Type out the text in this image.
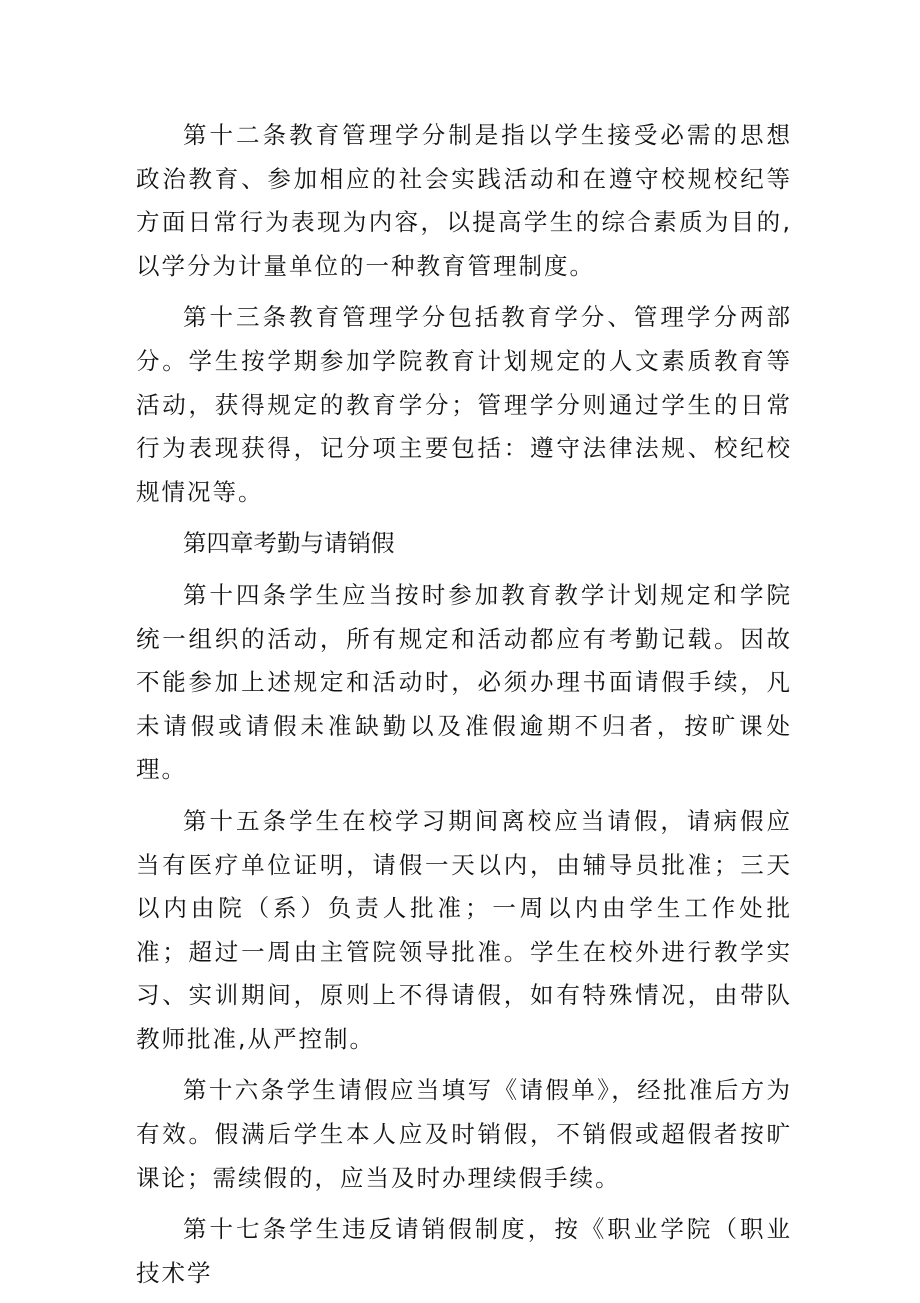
第十二条教育管理学分制是指以学生接受必需的思想政治教育、参加相应的社会实践活动和在遵守校规校纪等方面日常行为表现为内容，以提高学生的综合素质为目的,以学分为计量单位的一种教育管理制度。

第十三条教育管理学分包括教育学分、管理学分两部分。学生按学期参加学院教育计划规定的人文素质教育等活动，获得规定的教育学分；管理学分则通过学生的日常行为表现获得，记分项主要包括：遵守法律法规、校纪校规情况等。

第四章考勤与请销假

第十四条学生应当按时参加教育教学计划规定和学院统一组织的活动，所有规定和活动都应有考勤记载。因故不能参加上述规定和活动时，必须办理书面请假手续，凡未请假或请假未准缺勤以及准假逾期不归者，按旷课处理。

第十五条学生在校学习期间离校应当请假，请病假应当有医疗单位证明，请假一天以内，由辅导员批准；三天以内由院（系）负责人批准；一周以内由学生工作处批准；超过一周由主管院领导批准。学生在校外进行教学实习、实训期间，原则上不得请假，如有特殊情况，由带队教师批准,从严控制。

第十六条学生请假应当填写《请假单》，经批准后方为有效。假满后学生本人应及时销假，不销假或超假者按旷课论；需续假的，应当及时办理续假手续。

第十七条学生违反请销假制度，按《职业学院（职业技术学
